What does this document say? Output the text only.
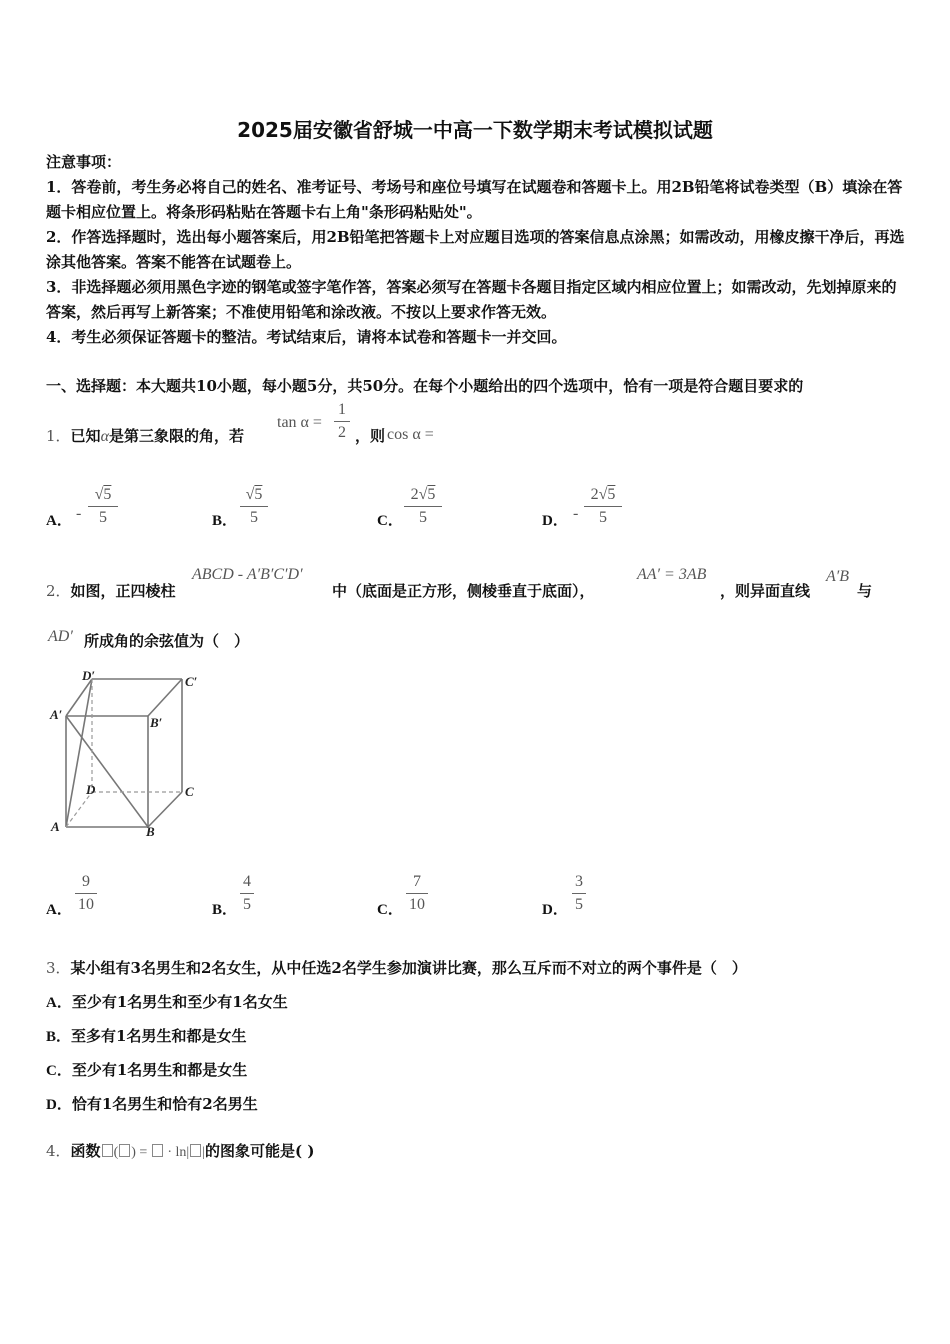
2025届安徽省舒城一中高一下数学期末考试模拟试题
注意事项：
1．答卷前，考生务必将自己的姓名、准考证号、考场号和座位号填写在试题卷和答题卡上。用2B铅笔将试卷类型（B）填涂在答题卡相应位置上。将条形码粘贴在答题卡右上角"条形码粘贴处"。
2．作答选择题时，选出每小题答案后，用2B铅笔把答题卡上对应题目选项的答案信息点涂黑；如需改动，用橡皮擦干净后，再选涂其他答案。答案不能答在试题卷上。
3．非选择题必须用黑色字迹的钢笔或签字笔作答，答案必须写在答题卡各题目指定区域内相应位置上；如需改动，先划掉原来的答案，然后再写上新答案；不准使用铅笔和涂改液。不按以上要求作答无效。
4．考生必须保证答题卡的整洁。考试结束后，请将本试卷和答题卡一并交回。
一、选择题：本大题共10小题，每小题5分，共50分。在每个小题给出的四个选项中，恰有一项是符合题目要求的
1．已知α是第三象限的角，若
tan α =
1
2 ，则 cos α =
A． -
√5
5	B．
√5
5	C．
2√5
5	D． -
2√5
5
2．如图，正四棱柱
ABCD - A′B′C′D′
中（底面是正方形，侧棱垂直于底面），
AA′ = 3AB
，则异面直线
A′B
与
AD′ 所成角的余弦值为（　）
D′	C′
A′
B′
D	C
A	B
A．
9
10	B．
4
5	C．
7
10	D．
3
5
3．某小组有3名男生和2名女生，从中任选2名学生参加演讲比赛，那么互斥而不对立的两个事件是（　）
A．至少有1名男生和至少有1名女生
B．至多有1名男生和都是女生
C．至少有1名男生和都是女生
D．恰有1名男生和恰有2名男生
4．函数 ( ) = · ln| |的图象可能是( )
